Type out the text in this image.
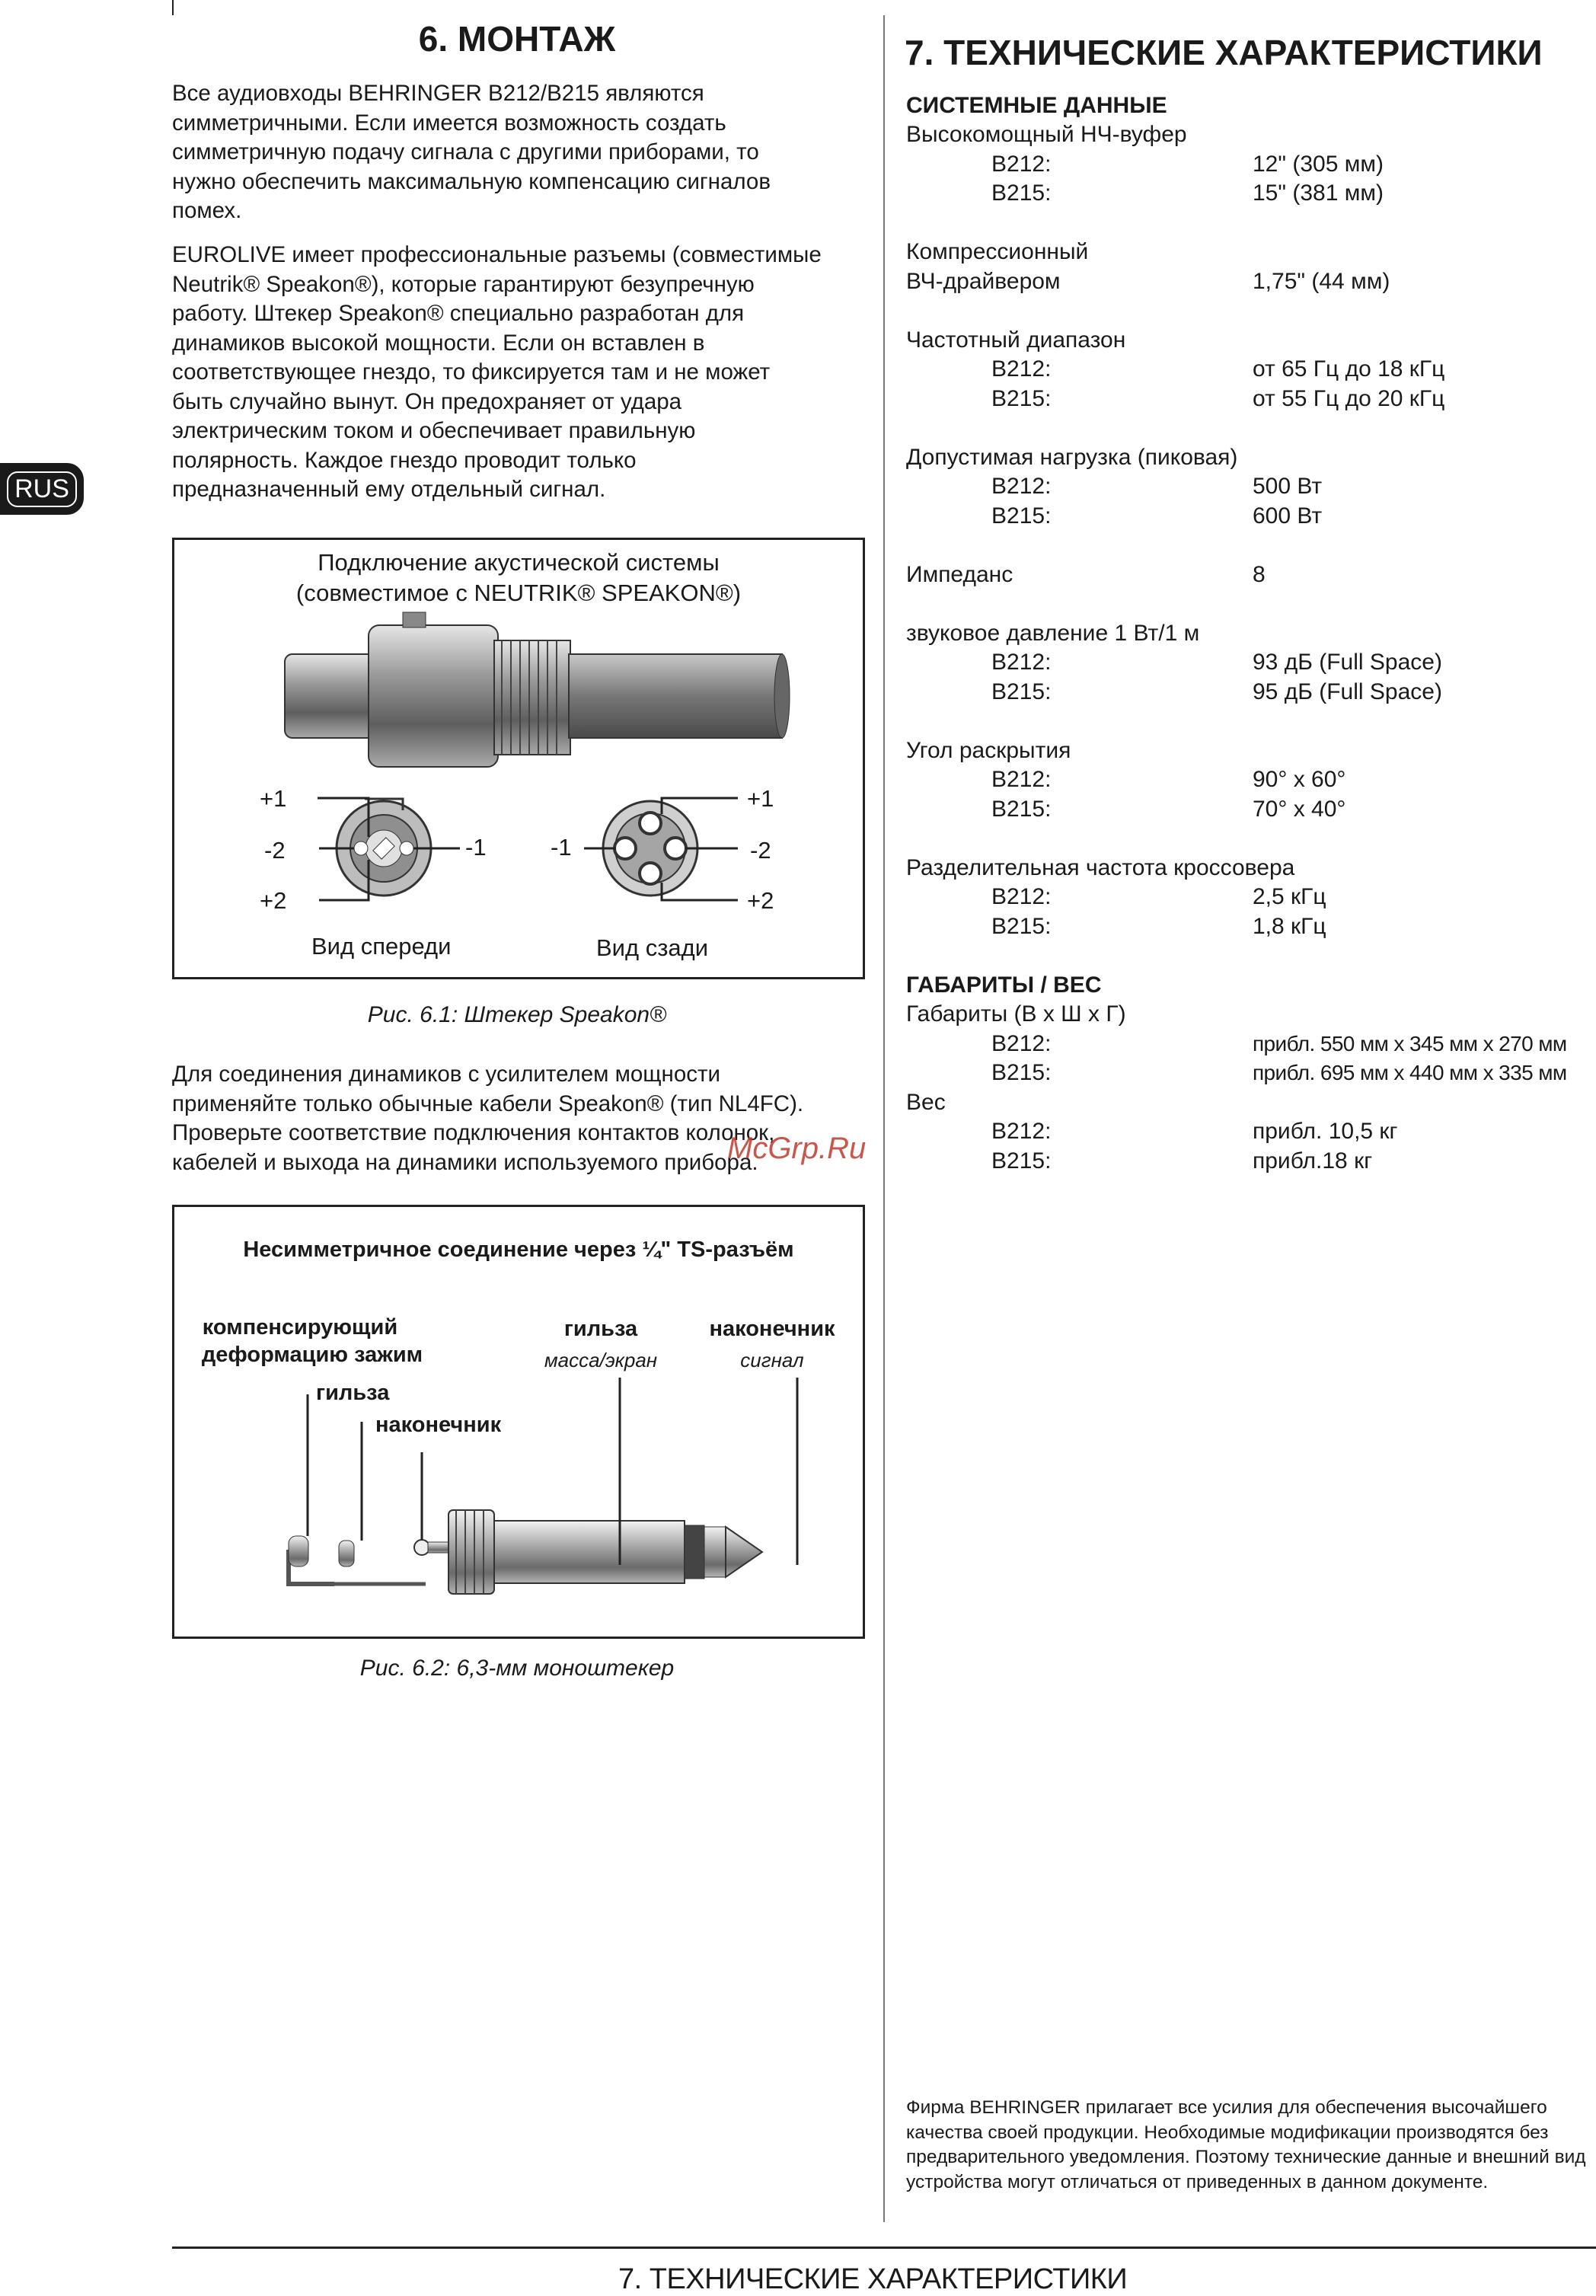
RUS
6. МОНТАЖ
Все аудиовходы BEHRINGER B212/B215 являются
симметричными. Если имеется возможность создать
симметричную подачу сигнала с другими приборами, то
нужно обеспечить максимальную компенсацию сигналов
помех.
EUROLIVE имеет профессиональные разъемы (совместимые
Neutrik® Speakon®), которые гарантируют безупречную
работу. Штекер Speakon® специально разработан для
динамиков высокой мощности. Если он вставлен в
соответствующее гнездо, то фиксируется там и не может
быть случайно вынут. Он предохраняет от удара
электрическим током и обеспечивает правильную
полярность. Каждое гнездо проводит только
предназначенный ему отдельный сигнал.
Подключение акустической системы
(совместимое с NEUTRIK® SPEAKON®)
+1
-2	-1
+2
+1
-1	-2
+2
Вид спереди	Вид сзади
Рис. 6.1: Штекер Speakon®
Для соединения динамиков с усилителем мощности
применяйте только обычные кабели Speakon® (тип NL4FC).
Проверьте соответствие подключения контактов колонок,
кабелей и выхода на динамики используемого прибора.
Несимметричное соединение через ¼" TS-разъём
компенсирующий
деформацию зажим
гильза
наконечник
гильза
масса/экран
наконечник
сигнал
Рис. 6.2: 6,3-мм моноштекер
McGrp.Ru
7. ТЕХНИЧЕСКИЕ ХАРАКТЕРИСТИКИ
СИСТЕМНЫЕ ДАННЫЕ
Высокомощный НЧ-вуфер
B212:	12" (305 мм)
B215:	15" (381 мм)
Компрессионный
ВЧ-драйвером	1,75" (44 мм)
Частотный диапазон
B212:	от 65 Гц до 18 кГц
B215:	от 55 Гц до 20 кГц
Допустимая нагрузка (пиковая)
B212:	500 Вт
B215:	600 Вт
Импеданс	8
звуковое давление 1 Вт/1 м
B212:	93 дБ (Full Space)
B215:	95 дБ (Full Space)
Угол раскрытия
B212:	90° x 60°
B215:	70° x 40°
Разделительная частота кроссовера
B212:	2,5 кГц
B215:	1,8 кГц
ГАБАРИТЫ / ВЕС
Габариты (В х Ш х Г)
B212:	прибл. 550 мм х 345 мм х 270 мм
B215:	прибл. 695 мм х 440 мм х 335 мм
Вес
B212:	прибл. 10,5 кг
B215:	прибл.18 кг
Фирма BEHRINGER прилагает все усилия для обеспечения высочайшего качества своей продукции. Необходимые модификации производятся без предварительного уведомления. Поэтому технические данные и внешний вид устройства могут отличаться от приведенных в данном документе.
7. ТЕХНИЧЕСКИЕ ХАРАКТЕРИСТИКИ
